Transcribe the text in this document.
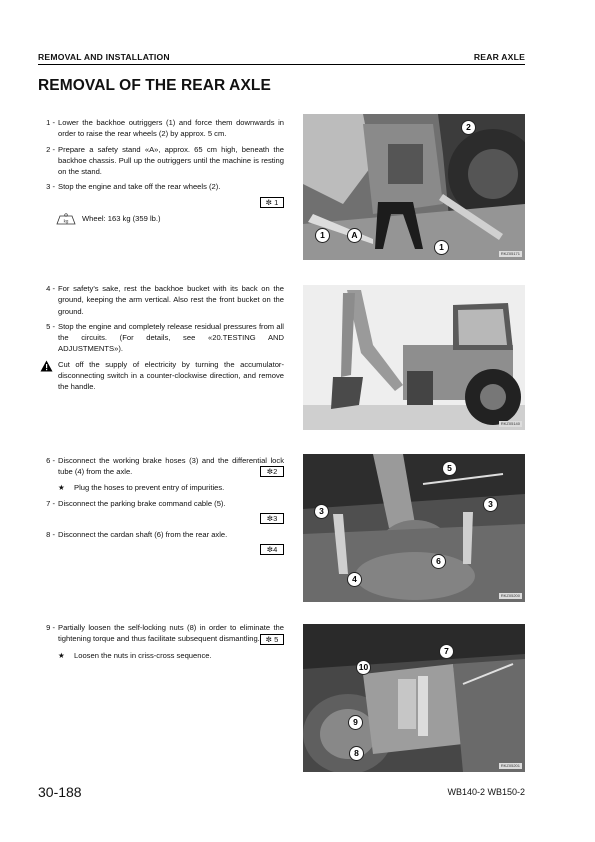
REMOVAL AND INSTALLATION	REAR AXLE
REMOVAL OF THE REAR AXLE
1 - Lower the backhoe outriggers (1) and force them downwards in order to raise the rear wheels (2) by approx. 5 cm.
2 - Prepare a safety stand «A», approx. 65 cm high, beneath the backhoe chassis. Pull up the outriggers until the machine is resting on the stand.
3 - Stop the engine and take off the rear wheels (2).
✼ 1
kg Wheel: 163 kg (359 lb.)
2
1	A
1
RKZ05171
4 - For safety's sake, rest the backhoe bucket with its back on the ground, keeping the arm vertical. Also rest the front bucket on the ground.
5 - Stop the engine and completely release residual pressures from all the circuits. (For details, see «20.TESTING AND ADJUSTMENTS»).
Cut off the supply of electricity by turning the accumulator-disconnecting switch in a counter-clockwise direction, and remove the handle.
RKZ05140
6 - Disconnect the working brake hoses (3) and the differential lock tube (4) from the axle.	✼2
★	Plug the hoses to prevent entry of impurities.
7 - Disconnect the parking brake command cable (5).
✼3
8 - Disconnect the cardan shaft (6) from the rear axle.
✼4
5
3
3
6
4
RKZ05200
9 - Partially loosen the self-locking nuts (8) in order to eliminate the tightening torque and thus facilitate subsequent dismantling. ✼ 5
★	Loosen the nuts in criss-cross sequence.
10
7
9
8
RKZ05201
30-188	WB140-2 WB150-2
